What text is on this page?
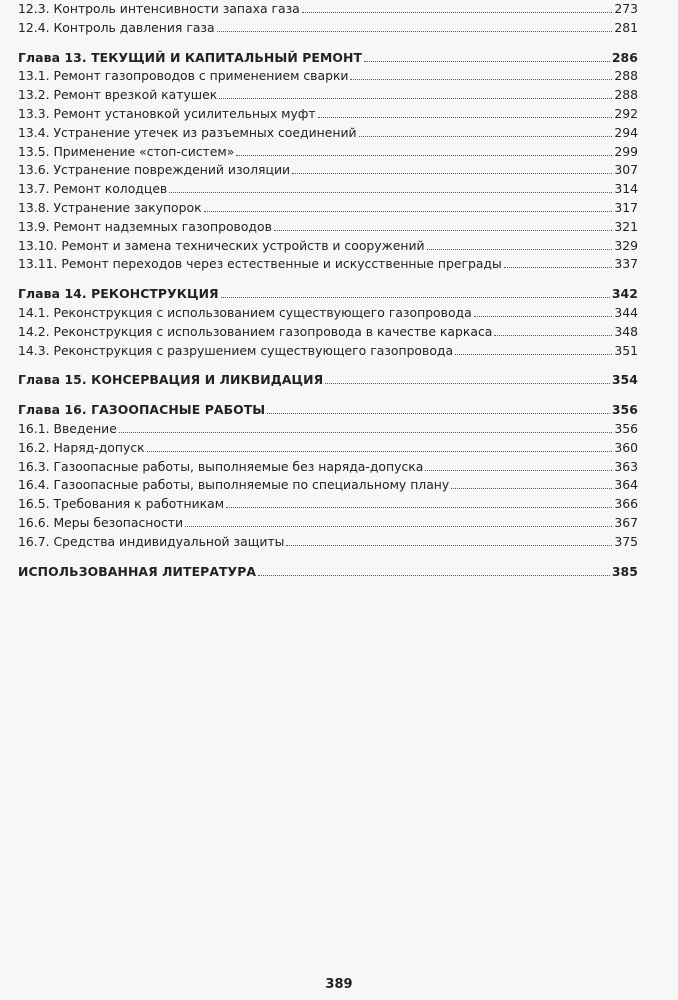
12.3. Контроль интенсивности запаха газа	273
12.4. Контроль давления газа	281
Глава 13. ТЕКУЩИЙ И КАПИТАЛЬНЫЙ РЕМОНТ	286
13.1. Ремонт газопроводов с применением сварки	288
13.2. Ремонт врезкой катушек	288
13.3. Ремонт установкой усилительных муфт	292
13.4. Устранение утечек из разъемных соединений	294
13.5. Применение «стоп-систем»	299
13.6. Устранение повреждений изоляции	307
13.7. Ремонт колодцев	314
13.8. Устранение закупорок	317
13.9. Ремонт надземных газопроводов	321
13.10. Ремонт и замена технических устройств и сооружений	329
13.11. Ремонт переходов через естественные и искусственные преграды	337
Глава 14. РЕКОНСТРУКЦИЯ	342
14.1. Реконструкция с использованием существующего газопровода	344
14.2. Реконструкция с использованием газопровода в качестве каркаса	348
14.3. Реконструкция с разрушением существующего газопровода	351
Глава 15. КОНСЕРВАЦИЯ И ЛИКВИДАЦИЯ	354
Глава 16. ГАЗООПАСНЫЕ РАБОТЫ	356
16.1. Введение	356
16.2. Наряд-допуск	360
16.3. Газоопасные работы, выполняемые без наряда-допуска	363
16.4. Газоопасные работы, выполняемые по специальному плану	364
16.5. Требования к работникам	366
16.6. Меры безопасности	367
16.7. Средства индивидуальной защиты	375
ИСПОЛЬЗОВАННАЯ ЛИТЕРАТУРА	385
389
